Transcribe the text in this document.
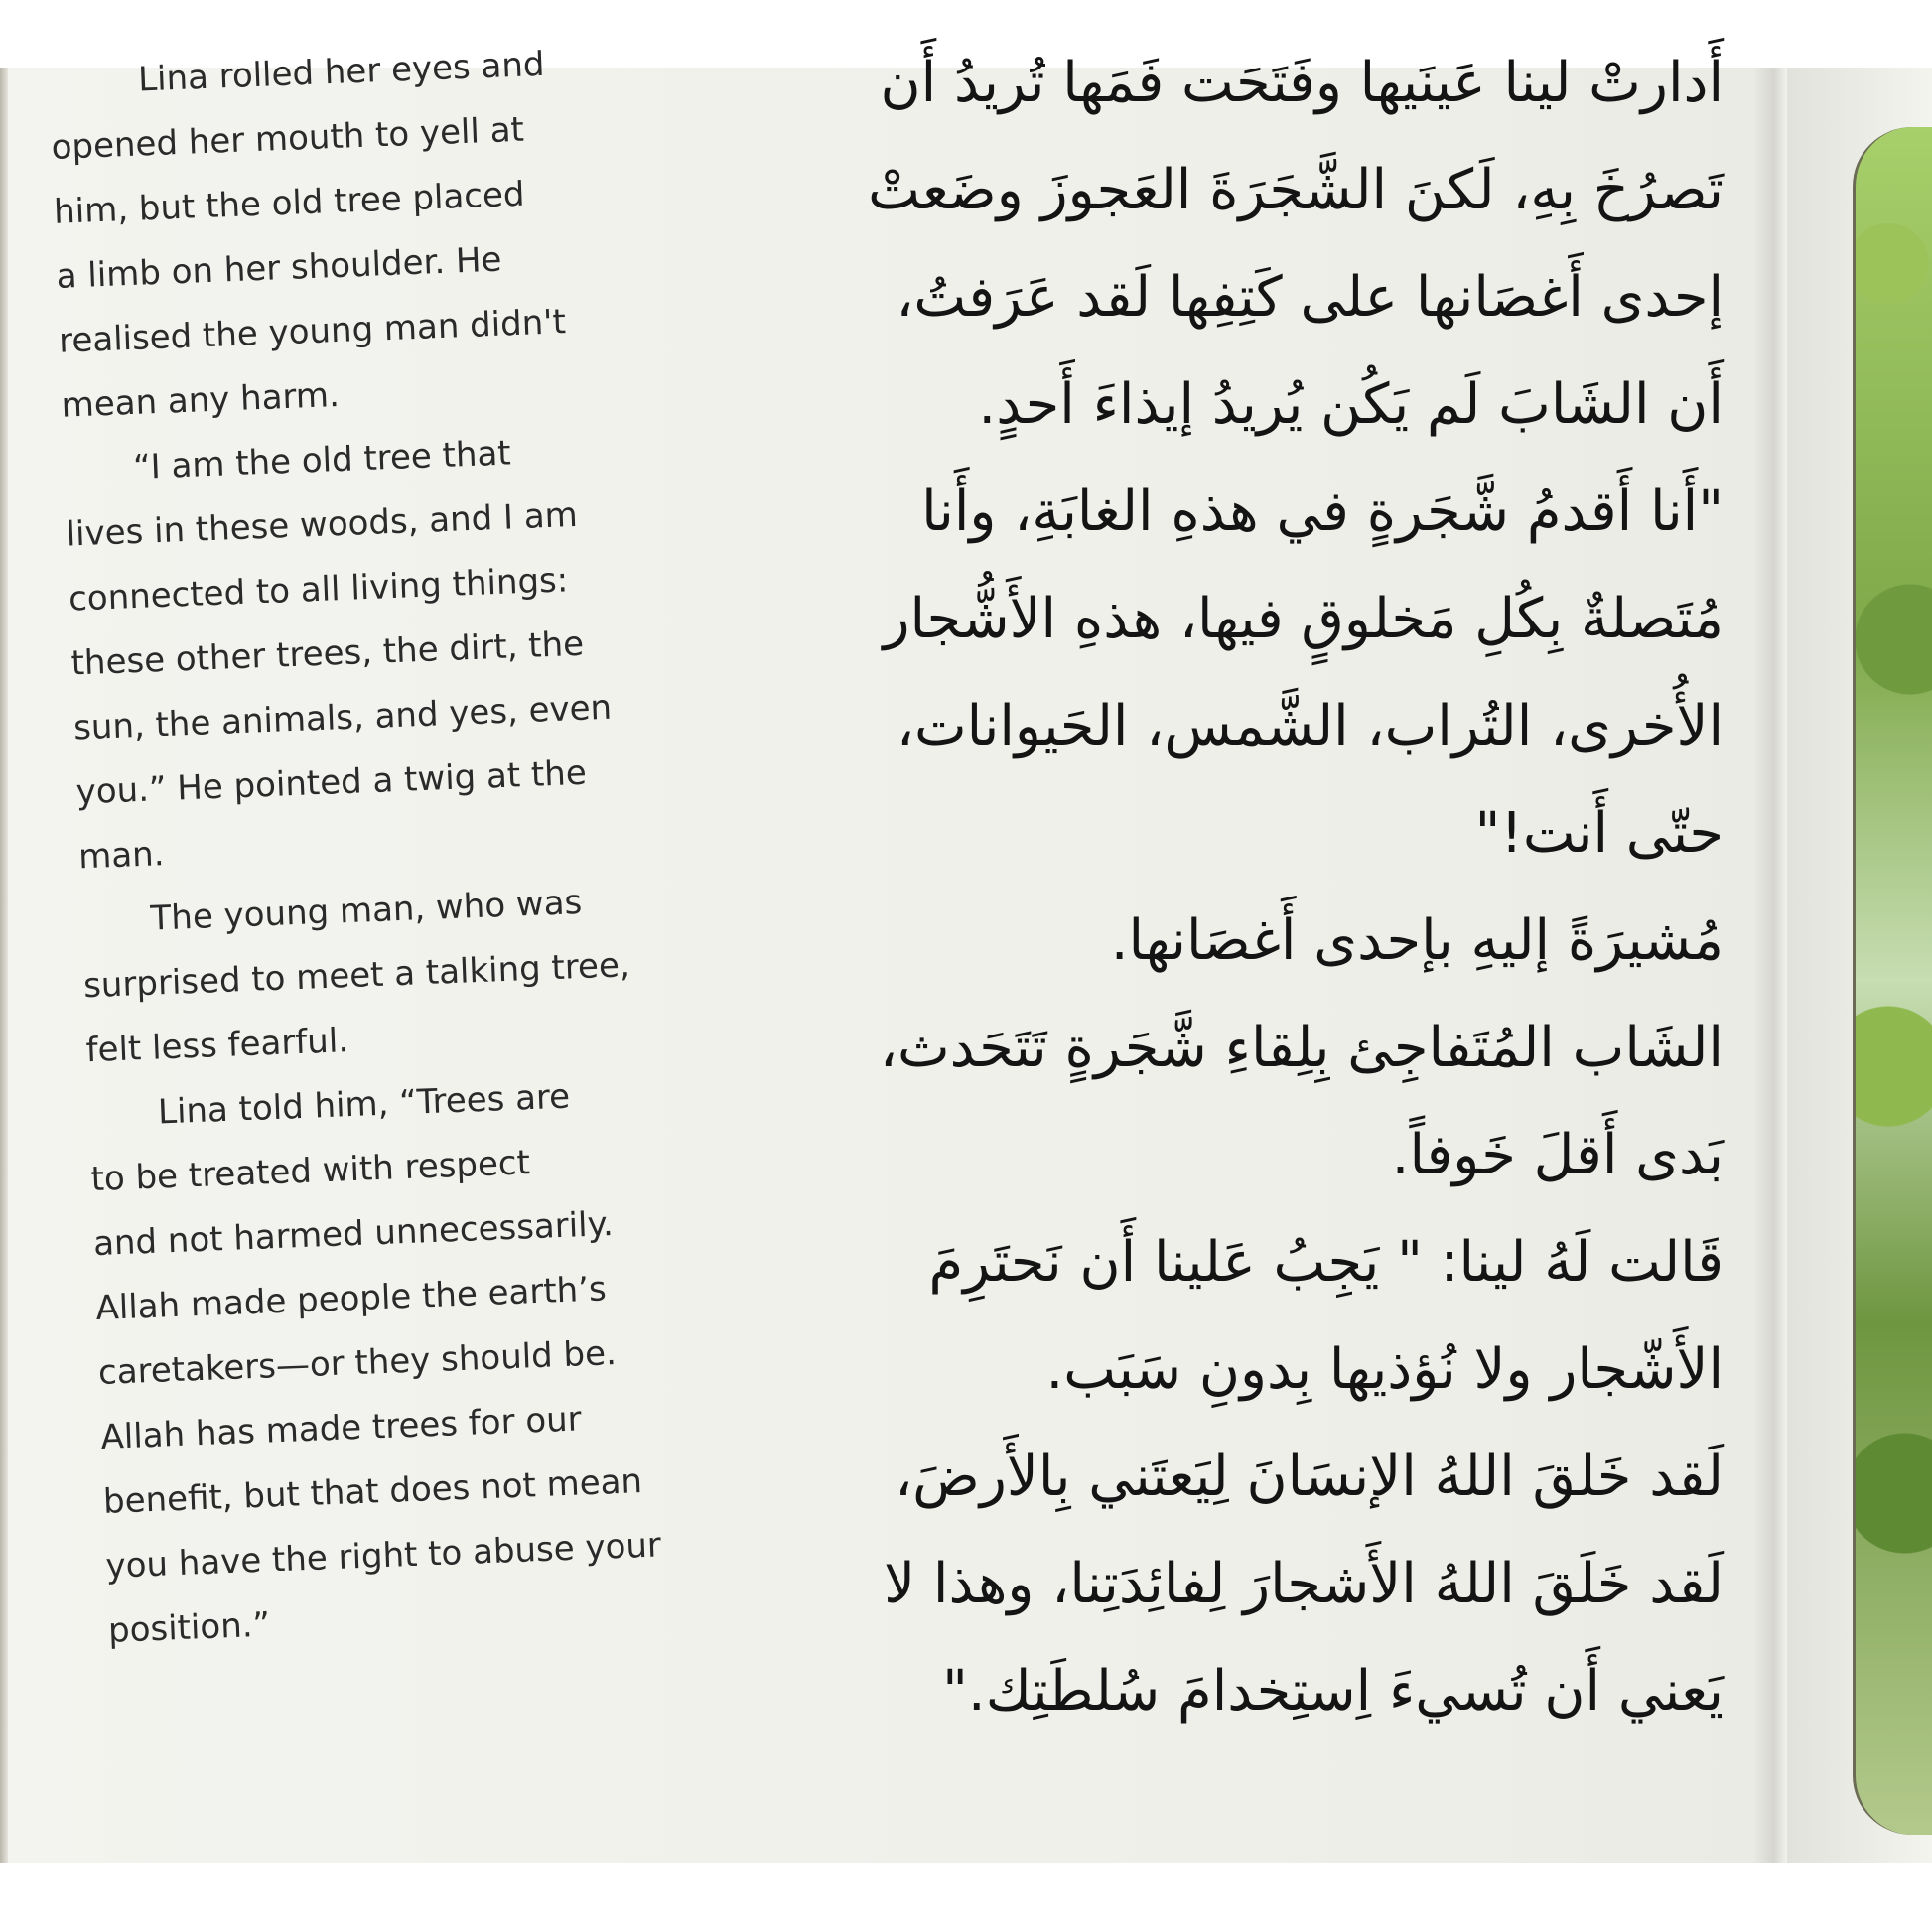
Lina rolled her eyes and
opened her mouth to yell at
him, but the old tree placed
a limb on her shoulder. He
realised the young man didn't
mean any harm.
“I am the old tree that
lives in these woods, and I am
connected to all living things:
these other trees, the dirt, the
sun, the animals, and yes, even
you.” He pointed a twig at the
man.
The young man, who was
surprised to meet a talking tree,
felt less fearful.
Lina told him, “Trees are
to be treated with respect
and not harmed unnecessarily.
Allah made people the earth’s
caretakers—or they should be.
Allah has made trees for our
benefit, but that does not mean
you have the right to abuse your
position.”
أَدارتْ لينا عَينَيها وفَتَحَت فَمَها تُريدُ أَن
تَصرُخَ بِهِ، لَكنَ الشَّجَرَةَ العَجوزَ وضَعتْ
إحدى أَغصَانها على كَتِفِها لَقد عَرَفتُ،
أَن الشَابَ لَم يَكُن يُريدُ إيذاءَ أَحدٍ.
"أَنا أَقدمُ شَّجَرةٍ في هذهِ الغابَةِ، وأَنا
مُتَصلةٌ بِكُلِ مَخلوقٍ فيها، هذهِ الأَشُّجار
الأُخرى، التُراب، الشَّمس، الحَيوانات،
حتّى أَنت!"
مُشيرَةً إليهِ بإحدى أَغصَانها.
الشَاب المُتَفاجِئ بِلِقاءِ شَّجَرةٍ تَتَحَدث،
بَدى أَقلَ خَوفاً.
قَالت لَهُ لينا: " يَجِبُ عَلينا أَن نَحتَرِمَ
الأَشّجار ولا نُؤذيها بِدونِ سَبَب.
لَقد خَلقَ اللهُ الإنسَانَ لِيَعتَني بِالأَرضَ،
لَقد خَلَقَ اللهُ الأَشجارَ لِفائِدَتِنا، وهذا لا
يَعني أَن تُسيءَ اِستِخدامَ سُلطَتِك."
